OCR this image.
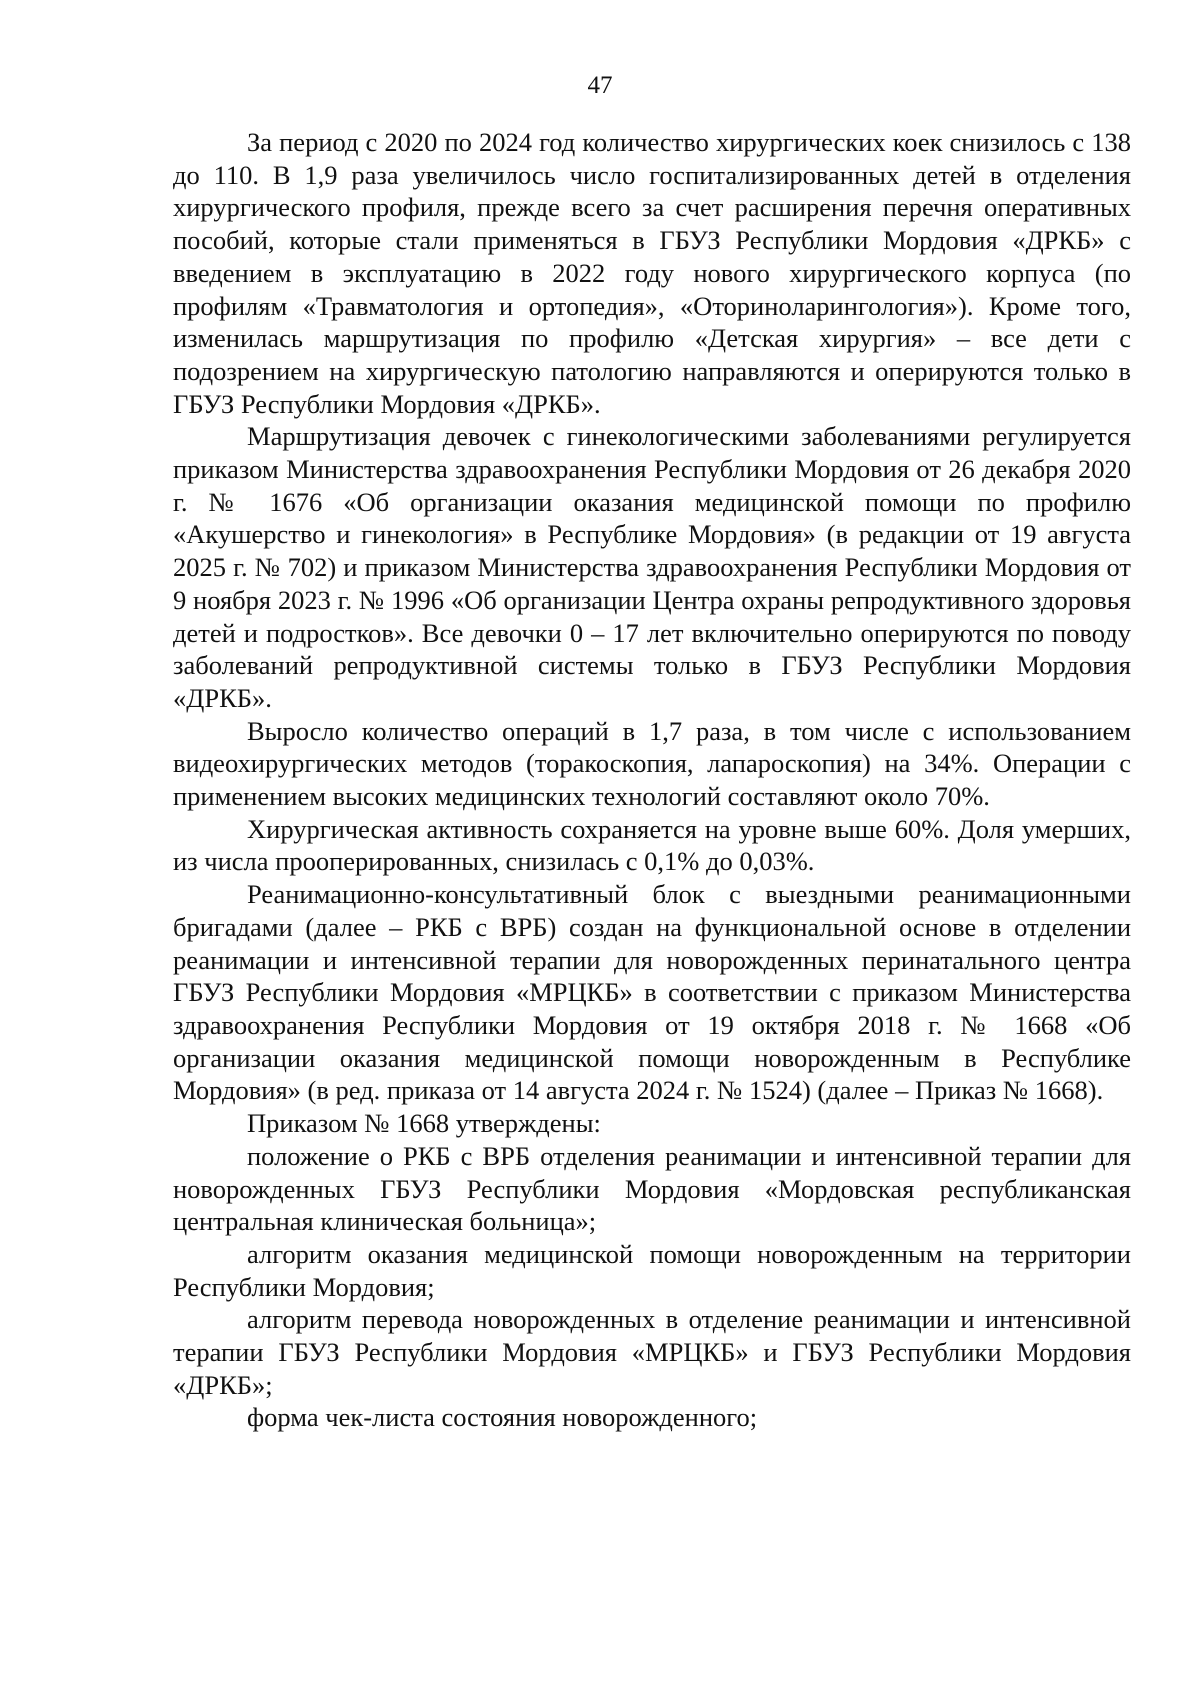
47

За период с 2020 по 2024 год количество хирургических коек снизилось с 138 до 110. В 1,9 раза увеличилось число госпитализированных детей в отделения хирургического профиля, прежде всего за счет расширения перечня оперативных пособий, которые стали применяться в ГБУЗ Республики Мордовия «ДРКБ» с введением в эксплуатацию в 2022 году нового хирургического корпуса (по профилям «Травматология и ортопедия», «Оториноларингология»). Кроме того, изменилась маршрутизация по профилю «Детская хирургия» – все дети с подозрением на хирургическую патологию направляются и оперируются только в ГБУЗ Республики Мордовия «ДРКБ».

Маршрутизация девочек с гинекологическими заболеваниями регулируется приказом Министерства здравоохранения Республики Мордовия от 26 декабря 2020 г. № 1676 «Об организации оказания медицинской помощи по профилю «Акушерство и гинекология» в Республике Мордовия» (в редакции от 19 августа 2025 г. № 702) и приказом Министерства здравоохранения Республики Мордовия от 9 ноября 2023 г. № 1996 «Об организации Центра охраны репродуктивного здоровья детей и подростков». Все девочки 0 – 17 лет включительно оперируются по поводу заболеваний репродуктивной системы только в ГБУЗ Республики Мордовия «ДРКБ».

Выросло количество операций в 1,7 раза, в том числе с использованием видеохирургических методов (торакоскопия, лапароскопия) на 34%. Операции с применением высоких медицинских технологий составляют около 70%.

Хирургическая активность сохраняется на уровне выше 60%. Доля умерших, из числа прооперированных, снизилась с 0,1% до 0,03%.

Реанимационно-консультативный блок с выездными реанимационными бригадами (далее – РКБ с ВРБ) создан на функциональной основе в отделении реанимации и интенсивной терапии для новорожденных перинатального центра ГБУЗ Республики Мордовия «МРЦКБ» в соответствии с приказом Министерства здравоохранения Республики Мордовия от 19 октября 2018 г. № 1668 «Об организации оказания медицинской помощи новорожденным в Республике Мордовия» (в ред. приказа от 14 августа 2024 г. № 1524) (далее – Приказ № 1668).

Приказом № 1668 утверждены:

положение о РКБ с ВРБ отделения реанимации и интенсивной терапии для новорожденных ГБУЗ Республики Мордовия «Мордовская республиканская центральная клиническая больница»;

алгоритм оказания медицинской помощи новорожденным на территории Республики Мордовия;

алгоритм перевода новорожденных в отделение реанимации и интенсивной терапии ГБУЗ Республики Мордовия «МРЦКБ» и ГБУЗ Республики Мордовия «ДРКБ»;

форма чек-листа состояния новорожденного;
